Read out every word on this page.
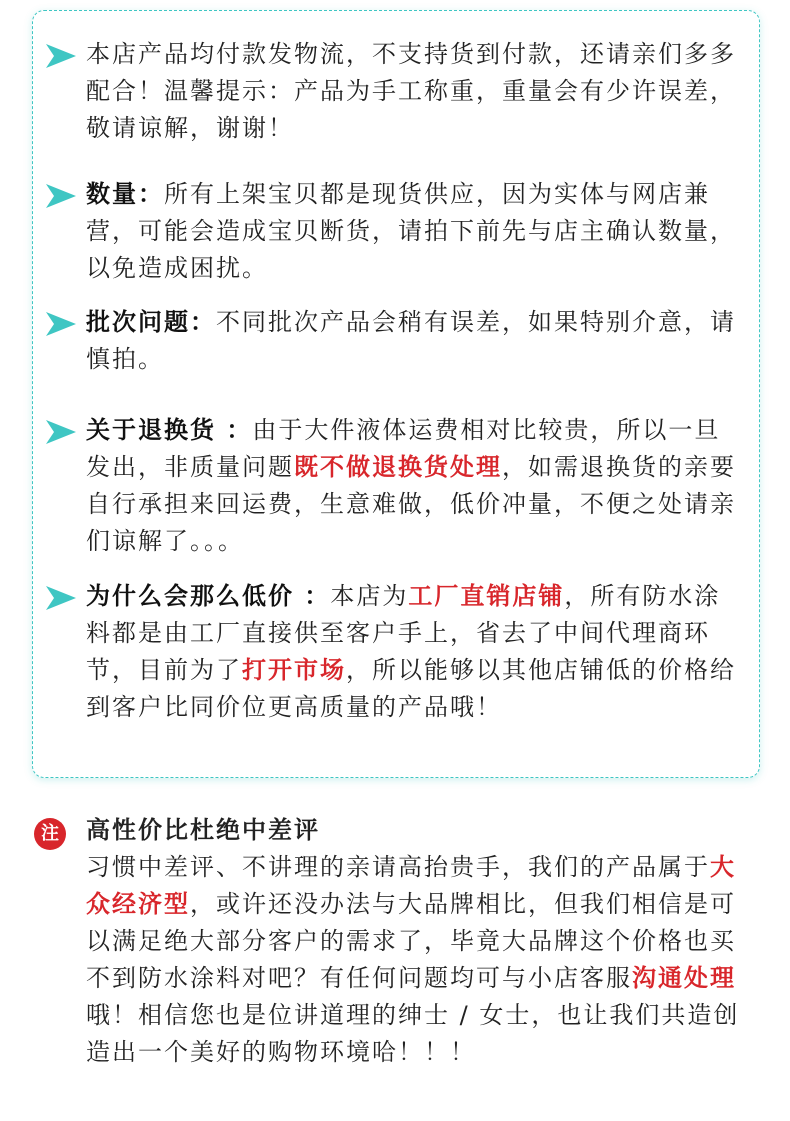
本店产品均付款发物流，不支持货到付款，还请亲们多多配合！温馨提示：产品为手工称重，重量会有少许误差，敬请谅解，谢谢！
数量：所有上架宝贝都是现货供应，因为实体与网店兼营，可能会造成宝贝断货，请拍下前先与店主确认数量，以免造成困扰。
批次问题：不同批次产品会稍有误差，如果特别介意，请慎拍。
关于退换货 ：由于大件液体运费相对比较贵，所以一旦发出，非质量问题既不做退换货处理，如需退换货的亲要自行承担来回运费，生意难做，低价冲量，不便之处请亲们谅解了。。。
为什么会那么低价 ：本店为工厂直销店铺，所有防水涂料都是由工厂直接供至客户手上，省去了中间代理商环节，目前为了打开市场，所以能够以其他店铺低的价格给到客户比同价位更高质量的产品哦！
注	高性价比杜绝中差评
习惯中差评、不讲理的亲请高抬贵手，我们的产品属于大众经济型，或许还没办法与大品牌相比，但我们相信是可以满足绝大部分客户的需求了，毕竟大品牌这个价格也买不到防水涂料对吧？有任何问题均可与小店客服沟通处理哦！相信您也是位讲道理的绅士 / 女士，也让我们共造创造出一个美好的购物环境哈！！！
